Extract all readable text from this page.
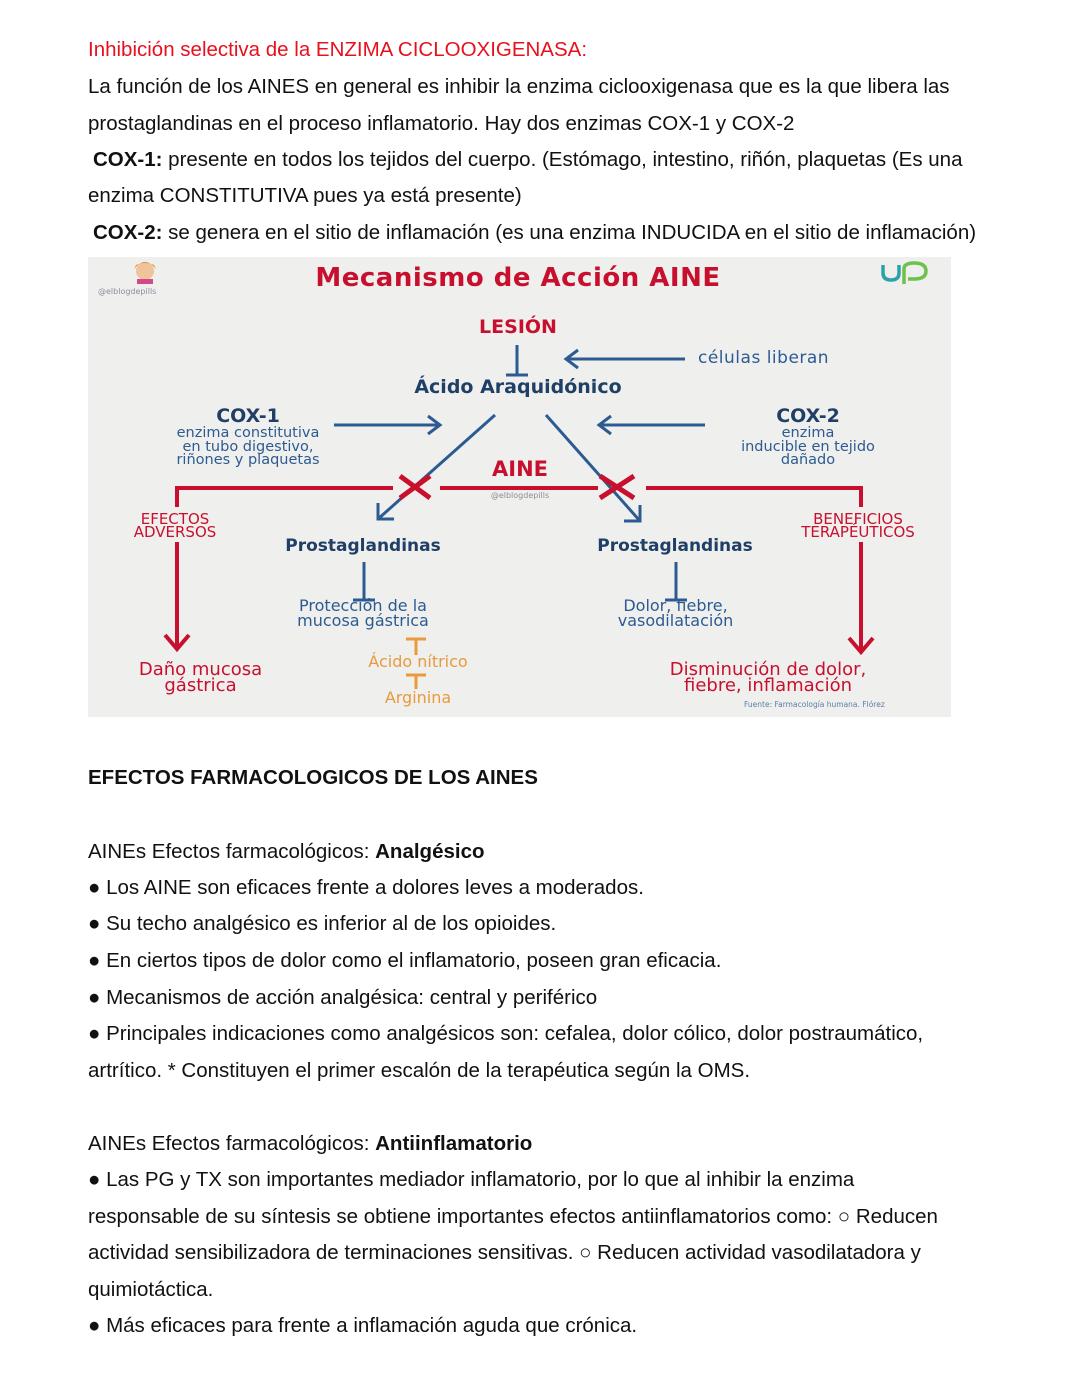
Inhibición selectiva de la ENZIMA CICLOOXIGENASA:
La función de los AINES en general es inhibir la enzima ciclooxigenasa que es la que libera las
prostaglandinas en el proceso inflamatorio. Hay dos enzimas COX-1 y COX-2
COX-1: presente en todos los tejidos del cuerpo. (Estómago, intestino, riñón, plaquetas (Es una
enzima CONSTITUTIVA pues ya está presente)
COX-2: se genera en el sitio de inflamación (es una enzima INDUCIDA en el sitio de inflamación)
@elblogdepills	Mecanismo de Acción AINE
LESIÓN
células liberan
Ácido Araquidónico
COX-1
enzima constitutiva
en tubo digestivo,
riñones y plaquetas
COX-2
enzima
inducible en tejido
dañado
AINE
@elblogdepills
EFECTOS
ADVERSOS
BENEFICIOS
TERAPÉUTICOS
Prostaglandinas	Prostaglandinas
Protección de la
mucosa gástrica
Dolor, fiebre,
vasodilatación
Ácido nítrico
Arginina
Daño mucosa
gástrica
Disminución de dolor,
fiebre, inflamación
Fuente: Farmacología humana. Flórez
EFECTOS FARMACOLOGICOS DE LOS AINES
AINEs Efectos farmacológicos: Analgésico
● Los AINE son eficaces frente a dolores leves a moderados.
● Su techo analgésico es inferior al de los opioides.
● En ciertos tipos de dolor como el inflamatorio, poseen gran eficacia.
● Mecanismos de acción analgésica: central y periférico
● Principales indicaciones como analgésicos son: cefalea, dolor cólico, dolor postraumático,
artrítico. * Constituyen el primer escalón de la terapéutica según la OMS.
AINEs Efectos farmacológicos: Antiinflamatorio
● Las PG y TX son importantes mediador inflamatorio, por lo que al inhibir la enzima
responsable de su síntesis se obtiene importantes efectos antiinflamatorios como: ○ Reducen
actividad sensibilizadora de terminaciones sensitivas. ○ Reducen actividad vasodilatadora y
quimiotáctica.
● Más eficaces para frente a inflamación aguda que crónica.
